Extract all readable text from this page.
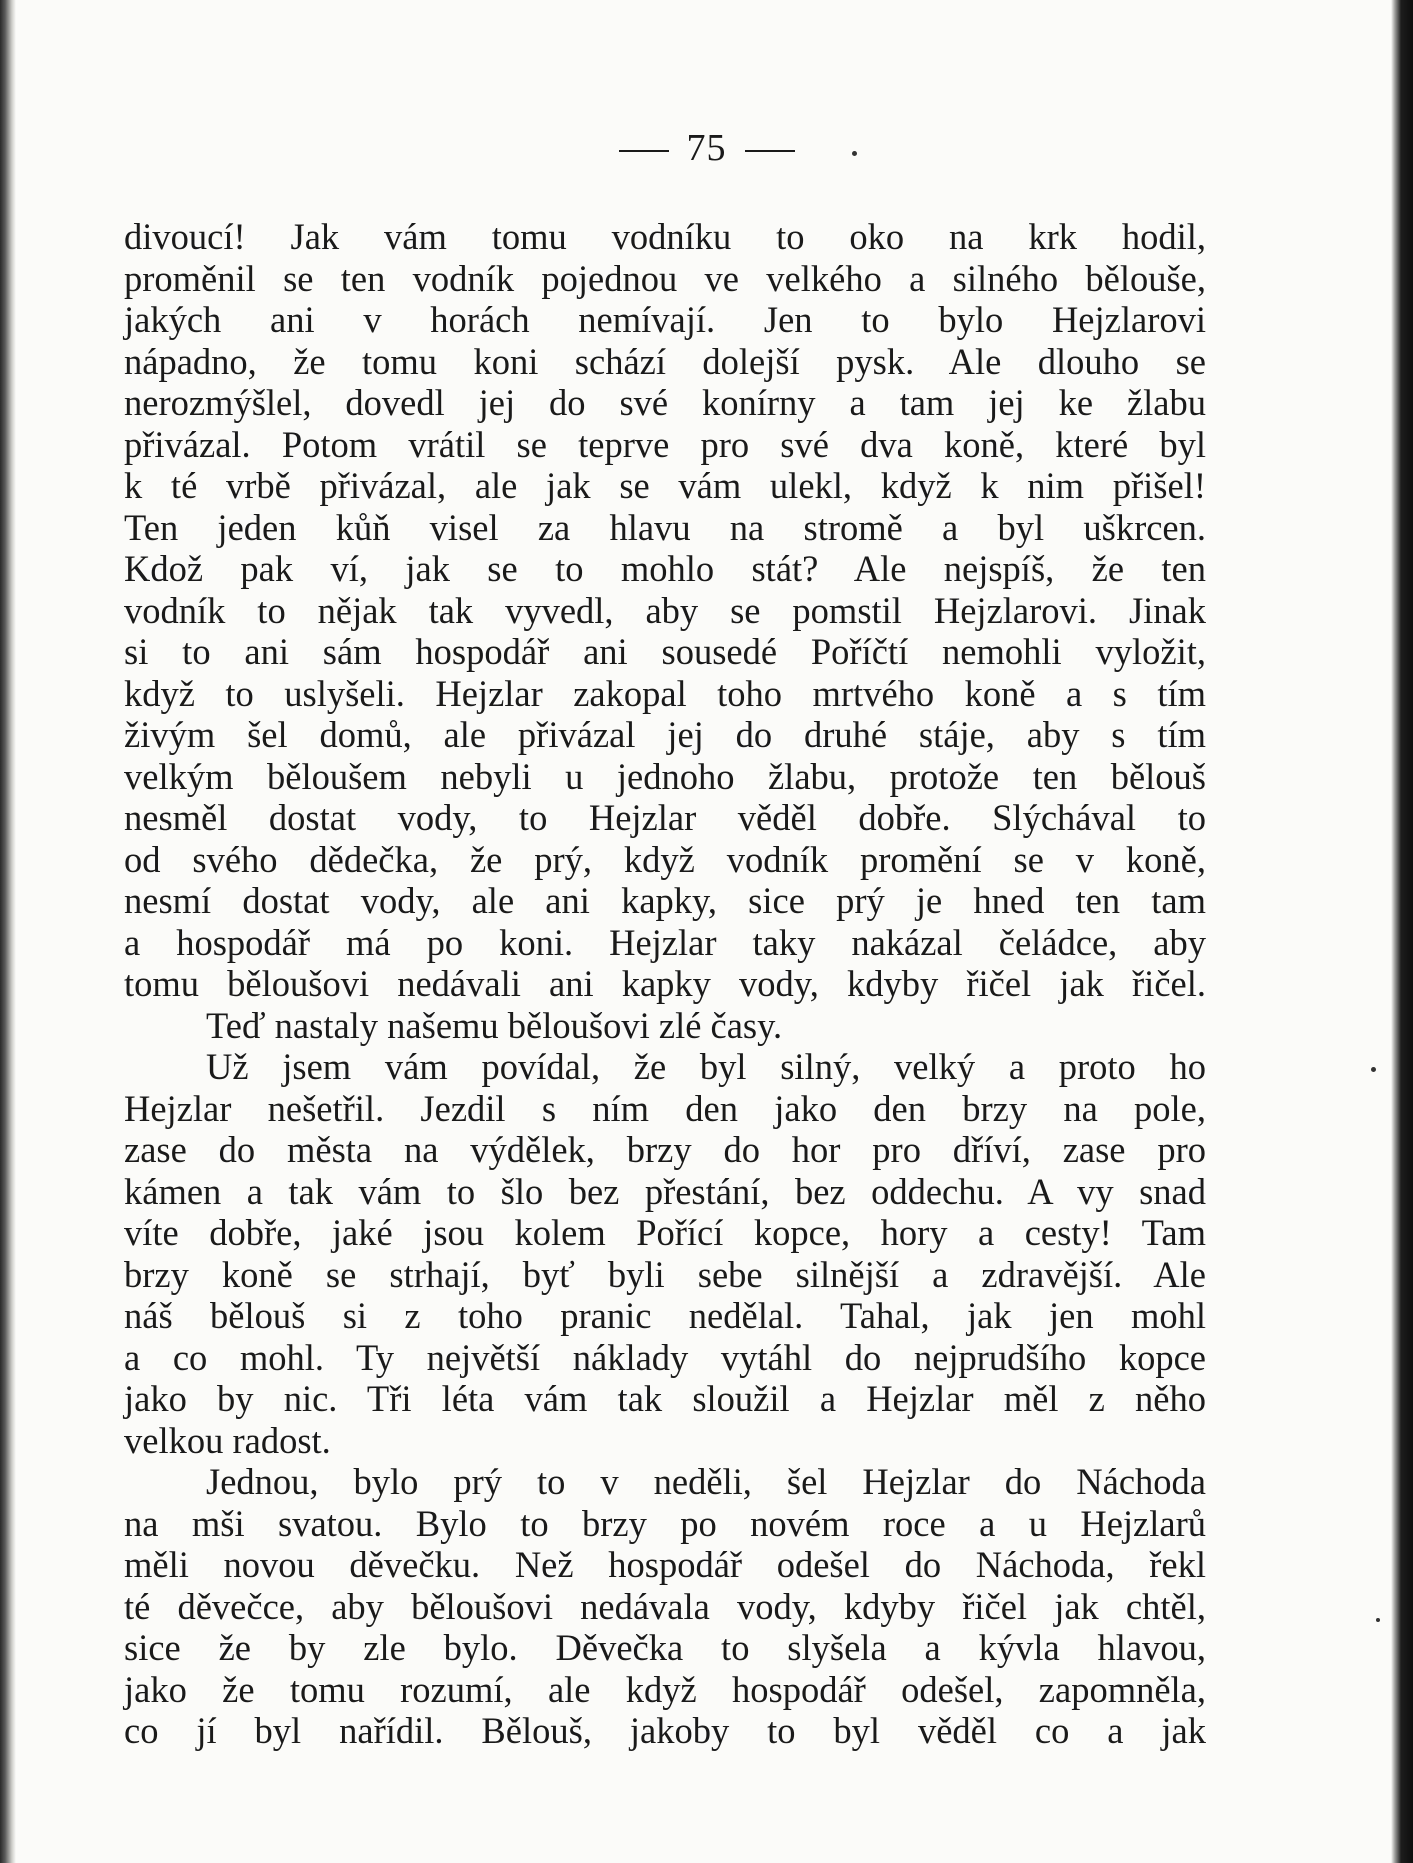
75
divoucí! Jak vám tomu vodníku to oko na krk hodil,
proměnil se ten vodník pojednou ve velkého a silného bělouše,
jakých ani v horách nemívají. Jen to bylo Hejzlarovi
nápadno, že tomu koni schází dolejší pysk. Ale dlouho se
nerozmýšlel, dovedl jej do své konírny a tam jej ke žlabu
přivázal. Potom vrátil se teprve pro své dva koně, které byl
k té vrbě přivázal, ale jak se vám ulekl, když k nim přišel!
Ten jeden kůň visel za hlavu na stromě a byl uškrcen.
Kdož pak ví, jak se to mohlo stát? Ale nejspíš, že ten
vodník to nějak tak vyvedl, aby se pomstil Hejzlarovi. Jinak
si to ani sám hospodář ani sousedé Poříčtí nemohli vyložit,
když to uslyšeli. Hejzlar zakopal toho mrtvého koně a s tím
živým šel domů, ale přivázal jej do druhé stáje, aby s tím
velkým běloušem nebyli u jednoho žlabu, protože ten bělouš
nesměl dostat vody, to Hejzlar věděl dobře. Slýchával to
od svého dědečka, že prý, když vodník promění se v koně,
nesmí dostat vody, ale ani kapky, sice prý je hned ten tam
a hospodář má po koni. Hejzlar taky nakázal čeládce, aby
tomu běloušovi nedávali ani kapky vody, kdyby řičel jak řičel.
Teď nastaly našemu běloušovi zlé časy.
Už jsem vám povídal, že byl silný, velký a proto ho
Hejzlar nešetřil. Jezdil s ním den jako den brzy na pole,
zase do města na výdělek, brzy do hor pro dříví, zase pro
kámen a tak vám to šlo bez přestání, bez oddechu. A vy snad
víte dobře, jaké jsou kolem Pořící kopce, hory a cesty! Tam
brzy koně se strhají, byť byli sebe silnější a zdravější. Ale
náš bělouš si z toho pranic nedělal. Tahal, jak jen mohl
a co mohl. Ty největší náklady vytáhl do nejprudšího kopce
jako by nic. Tři léta vám tak sloužil a Hejzlar měl z něho
velkou radost.
Jednou, bylo prý to v neděli, šel Hejzlar do Náchoda
na mši svatou. Bylo to brzy po novém roce a u Hejzlarů
měli novou děvečku. Než hospodář odešel do Náchoda, řekl
té děvečce, aby běloušovi nedávala vody, kdyby řičel jak chtěl,
sice že by zle bylo. Děvečka to slyšela a kývla hlavou,
jako že tomu rozumí, ale když hospodář odešel, zapomněla,
co jí byl nařídil. Bělouš, jakoby to byl věděl co a jak
